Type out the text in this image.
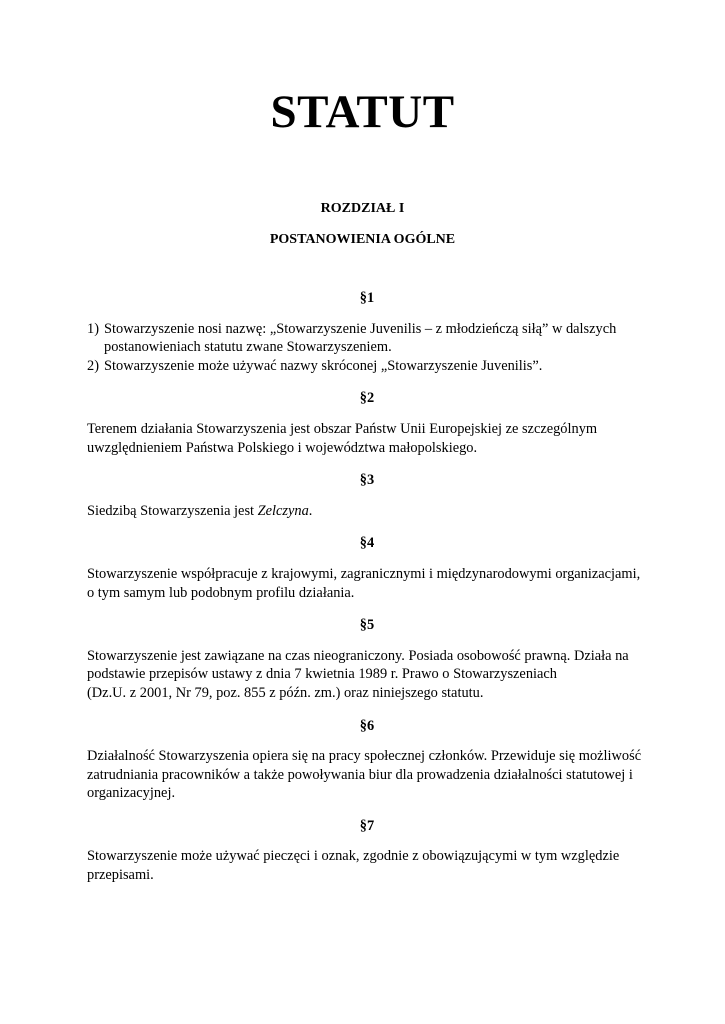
STATUT
ROZDZIAŁ I
POSTANOWIENIA OGÓLNE

§1

1) Stowarzyszenie nosi nazwę: „Stowarzyszenie Juvenilis – z młodzieńczą siłą” w dalszych postanowieniach statutu zwane Stowarzyszeniem.
2) Stowarzyszenie może używać nazwy skróconej „Stowarzyszenie Juvenilis”.

§2

Terenem działania Stowarzyszenia jest obszar Państw Unii Europejskiej ze szczególnym uwzględnieniem Państwa Polskiego i województwa małopolskiego.

§3

Siedzibą Stowarzyszenia jest Zelczyna.

§4

Stowarzyszenie współpracuje z krajowymi, zagranicznymi i międzynarodowymi organizacjami, o tym samym lub podobnym profilu działania.

§5

Stowarzyszenie jest zawiązane na czas nieograniczony. Posiada osobowość prawną. Działa na podstawie przepisów ustawy z dnia 7 kwietnia 1989 r. Prawo o Stowarzyszeniach
(Dz.U. z 2001, Nr 79, poz. 855 z późn. zm.) oraz niniejszego statutu.

§6

Działalność Stowarzyszenia opiera się na pracy społecznej członków. Przewiduje się możliwość zatrudniania pracowników a także powoływania biur dla prowadzenia działalności statutowej i organizacyjnej.

§7

Stowarzyszenie może używać pieczęci i oznak, zgodnie z obowiązującymi w tym względzie przepisami.
